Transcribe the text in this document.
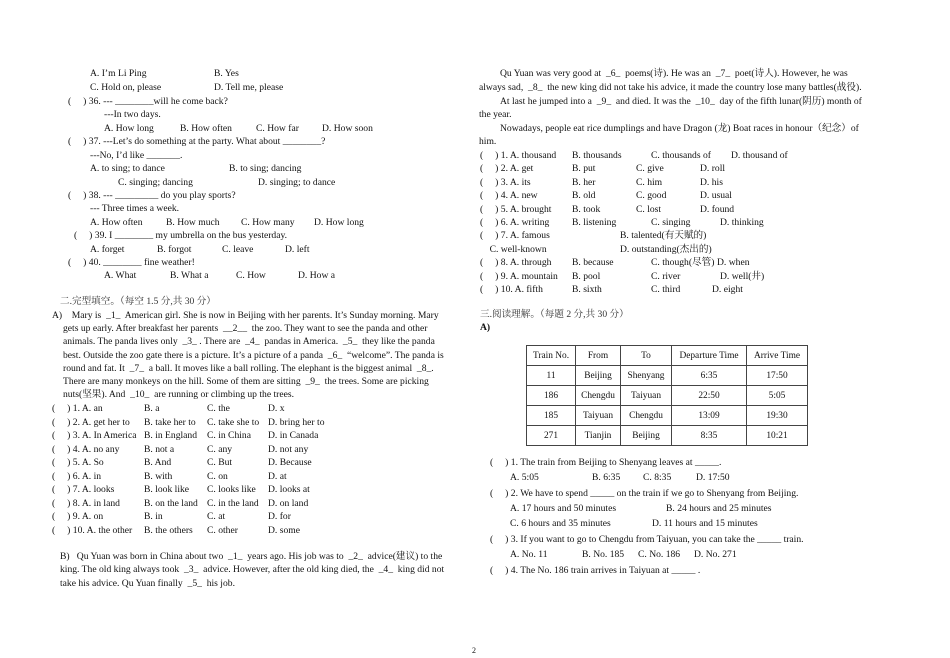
A. I’m Li Ping	B. Yes
C. Hold on, please	D. Tell me, please
(     ) 36. --- ________will he come back?
---In two days.
A. How long	B. How often	C. How far D. How soon
(     ) 37. ---Let’s do something at the party. What about ________?
---No, I’d like _______.
A. to sing; to dance	B. to sing; dancing
C. singing; dancing	D. singing; to dance
(     ) 38. --- _________ do you play sports?
--- Three times a week.
A. How often B. How much C. How many D. How long
(     ) 39. I ________ my umbrella on the bus yesterday.
A. forget	B. forgot	C. leave	D. left
(     ) 40. ________ fine weather!
A. What	B. What a	C. How	D. How a
二.完型填空。（每空 1.5 分,共 30 分）
A)    Mary is  _1_  American girl. She is now in Beijing with her parents. It’s Sunday morning. Mary
gets up early. After breakfast her parents  __2__  the zoo. They want to see the panda and other
animals. The panda lives only  _3_ . There are  _4_  pandas in America.  _5_  they like the panda
best. Outside the zoo gate there is a picture. It’s a picture of a panda  _6_  “welcome”. The panda is
round and fat. It  _7_  a ball. It moves like a ball rolling. The elephant is the biggest animal  _8_.
There are many monkeys on the hill. Some of them are sitting  _9_  the trees. Some are picking
nuts(坚果). And  _10_  are running or climbing up the trees.
(     ) 1. A. an	B. a	C. the	D. x
(     ) 2. A. get her to B. take her to C. take she to D. bring her to
(     ) 3. A. In America B. in England C. in China D. in Canada
(     ) 4. A. no any	B. not a	C. any	D. not any
(     ) 5. A. So	B. And	C. But	D. Because
(     ) 6. A. in	B. with	C. on	D. at
(     ) 7. A. looks	B. look like C. looks like D. looks at
(     ) 8. A. in land	B. on the land C. in the land D. on land
(     ) 9. A. on	B. in	C. at	D. for
(     ) 10. A. the other B. the others C. other	D. some
B)   Qu Yuan was born in China about two  _1_  years ago. His job was to  _2_  advice(建议) to the
king. The old king always took  _3_  advice. However, after the old king died, the  _4_  king did not
take his advice. Qu Yuan finally  _5_  his job.
Qu Yuan was very good at  _6_  poems(诗). He was an  _7_  poet(诗人). However, he was
always sad,  _8_  the new king did not take his advice, it made the country lose many battles(战役).
At last he jumped into a  _9_  and died. It was the  _10_  day of the fifth lunar(阴历) month of
the year.
Nowadays, people eat rice dumplings and have Dragon (龙) Boat races in honour（纪念）of
him.
(     ) 1. A. thousand B. thousands	C. thousands of D. thousand of
(     ) 2. A. get	B. put	C. give	D. roll
(     ) 3. A. its	B. her	C. him	D. his
(     ) 4. A. new	B. old	C. good	D. usual
(     ) 5. A. brought B. took	C. lost	D. found
(     ) 6. A. writing B. listening	C. singing	D. thinking
(     ) 7. A. famous	B. talented(有天赋的)
C. well-known	D. outstanding(杰出的)
(     ) 8. A. through B. because	C. though(尽管) D. when
(     ) 9. A. mountain B. pool	C. river	D. well(井)
(     ) 10. A. fifth	B. sixth	C. third	D. eight
三.阅读理解。（每题 2 分,共 30 分）
A)
Train No.	From	To	Departure Time	Arrive Time
11	Beijing	Shenyang	6:35	17:50
186	Chengdu	Taiyuan	22:50	5:05
185	Taiyuan	Chengdu	13:09	19:30
271	Tianjin	Beijing	8:35	10:21
(     ) 1. The train from Beijing to Shenyang leaves at _____.
A. 5:05	B. 6:35 C. 8:35	D. 17:50
(     ) 2. We have to spend _____ on the train if we go to Shenyang from Beijing.
A. 17 hours and 50 minutes	B. 24 hours and 25 minutes
C. 6 hours and 35 minutes	D. 11 hours and 15 minutes
(     ) 3. If you want to go to Chengdu from Taiyuan, you can take the _____ train.
A. No. 11	B. No. 185 C. No. 186 D. No. 271
(     ) 4. The No. 186 train arrives in Taiyuan at _____ .
2
